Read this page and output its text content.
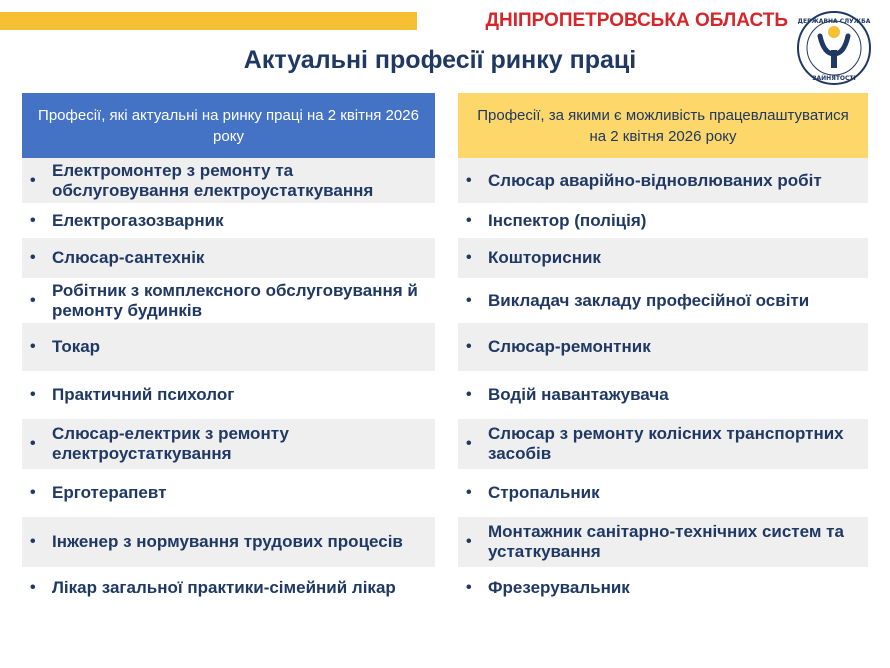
ДНІПРОПЕТРОВСЬКА ОБЛАСТЬ ДЕРЖАВНА СЛУЖБА
ЗАЙНЯТОСТІ
Актуальні професії ринку праці
Професії, які актуальні на ринку праці на 2 квітня 2026 року
•
Електромонтер з ремонту та обслуговування електроустаткування
• Електрогазозварник
• Слюсар-сантехнік
•
Робітник з комплексного обслуговування й ремонту будинків
• Токар
• Практичний психолог
•
Слюсар-електрик з ремонту електроустаткування
• Ерготерапевт
• Інженер з нормування трудових процесів
• Лікар загальної практики-сімейний лікар
Професії, за якими є можливість працевлаштуватися на 2 квітня 2026 року
• Слюсар аварійно-відновлюваних робіт
• Інспектор (поліція)
• Кошторисник
• Викладач закладу професійної освіти
• Слюсар-ремонтник
• Водій навантажувача
•
Слюсар з ремонту колісних транспортних засобів
• Стропальник
•
Монтажник санітарно-технічних систем та устаткування
• Фрезерувальник
